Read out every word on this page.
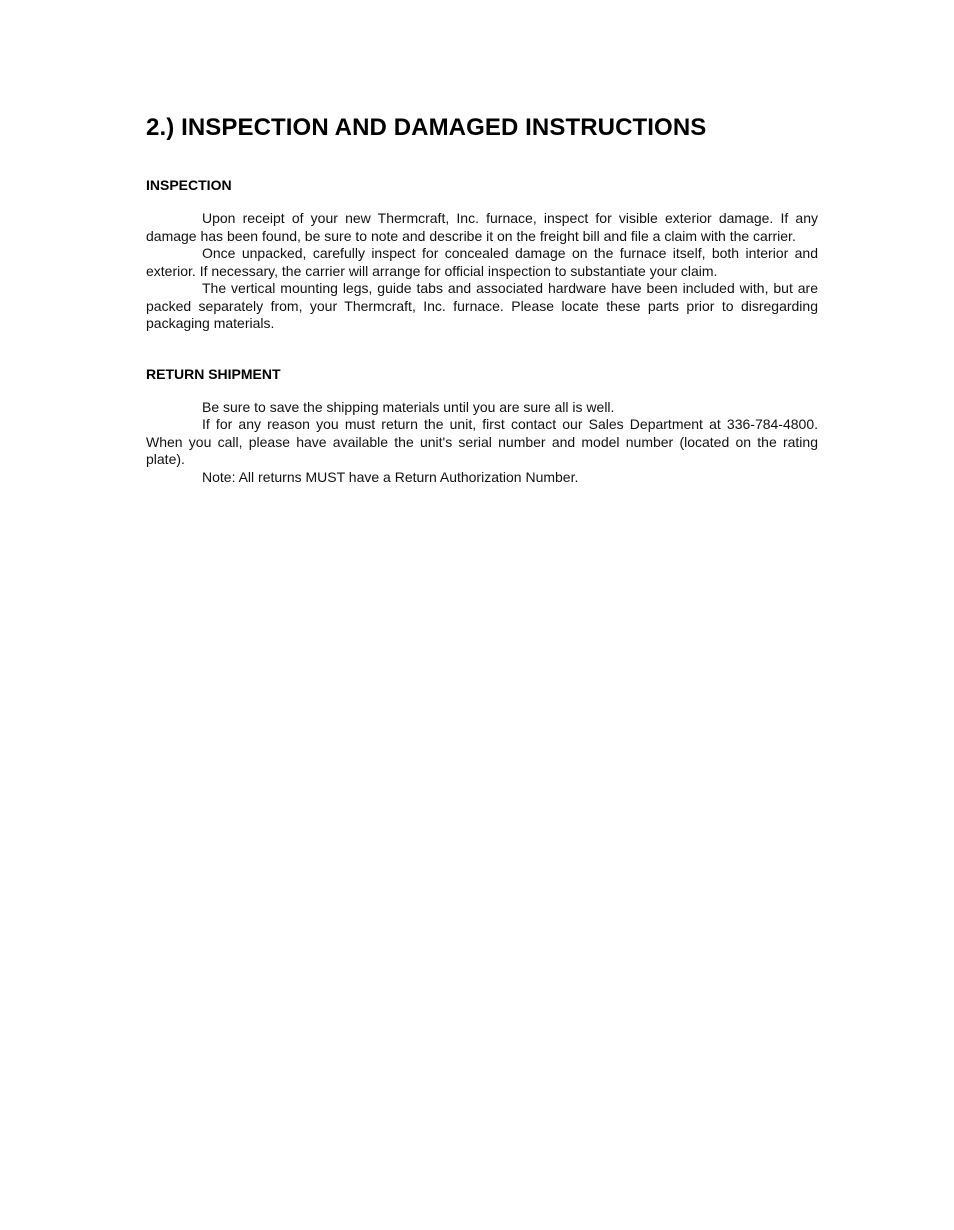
2.) INSPECTION AND DAMAGED INSTRUCTIONS
INSPECTION

Upon receipt of your new Thermcraft, Inc. furnace, inspect for visible exterior damage. If any damage has been found, be sure to note and describe it on the freight bill and file a claim with the carrier.

Once unpacked, carefully inspect for concealed damage on the furnace itself, both interior and exterior. If necessary, the carrier will arrange for official inspection to substantiate your claim.

The vertical mounting legs, guide tabs and associated hardware have been included with, but are packed separately from, your Thermcraft, Inc. furnace. Please locate these parts prior to disregarding packaging materials.

RETURN SHIPMENT

Be sure to save the shipping materials until you are sure all is well.

If for any reason you must return the unit, first contact our Sales Department at 336-784-4800. When you call, please have available the unit's serial number and model number (located on the rating plate).

Note: All returns MUST have a Return Authorization Number.
